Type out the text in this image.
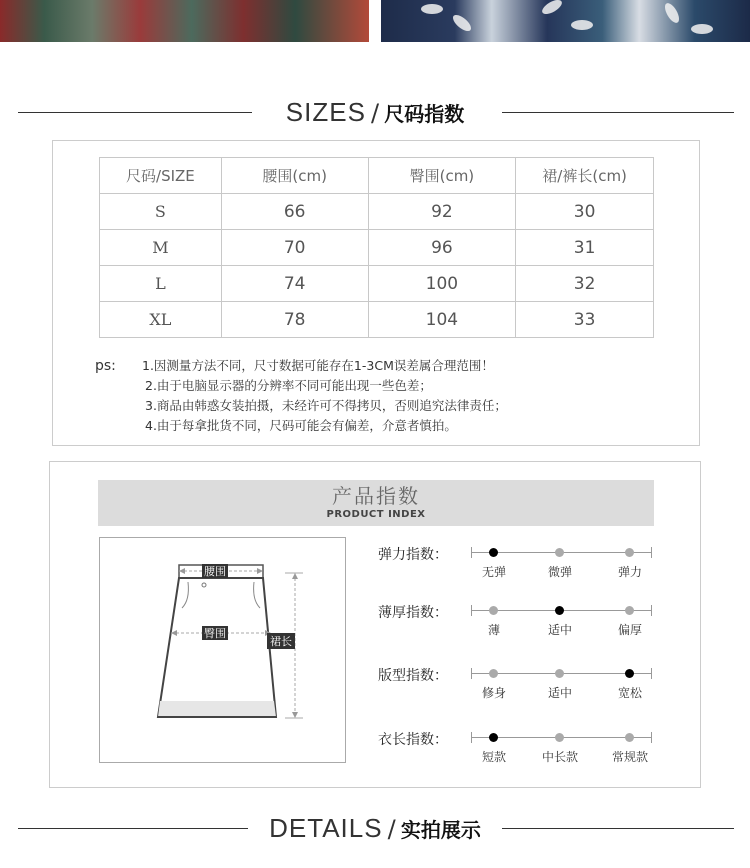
SIZES / 尺码指数
尺码/SIZE	腰围(cm)	臀围(cm)	裙/裤长(cm)
S	66	92	30
M	70	96	31
L	74	100	32
XL	78	104	33
ps: 1.因测量方法不同，尺寸数据可能存在1-3CM误差属合理范围！
2.由于电脑显示器的分辨率不同可能出现一些色差；
3.商品由韩惑女装拍摄，未经许可不得拷贝，否则追究法律责任；
4.由于每拿批货不同，尺码可能会有偏差，介意者慎拍。
产品指数
PRODUCT INDEX
腰围
臀围
裙长
弹力指数：
无弹	微弹	弹力
薄厚指数：
薄	适中	偏厚
版型指数：
修身	适中	宽松
衣长指数：
短款	中长款	常规款
DETAILS / 实拍展示
